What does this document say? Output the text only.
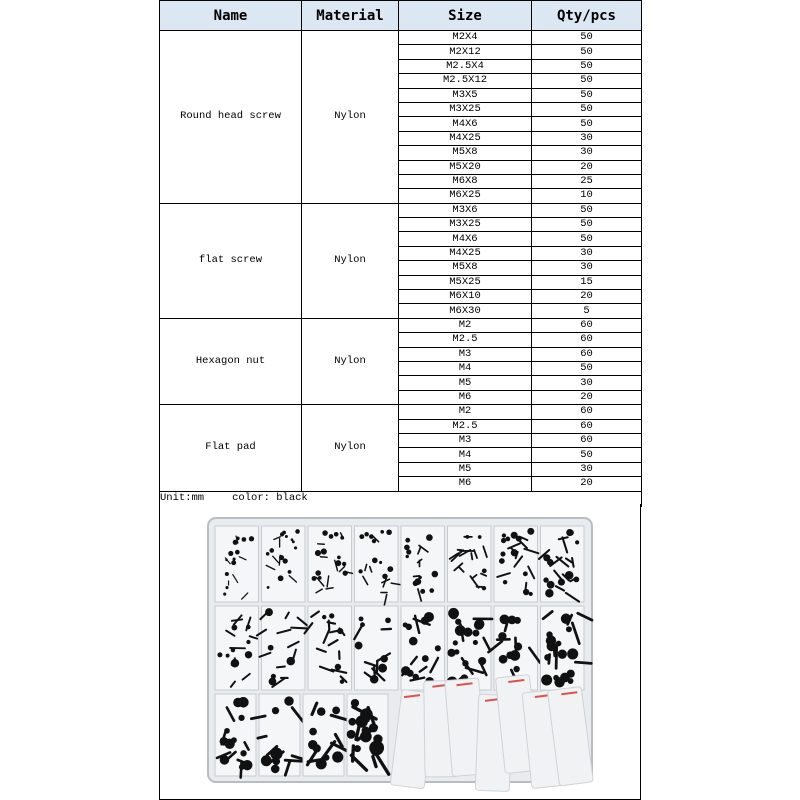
Name	Material	Size	Qty/pcs
Round head screw	Nylon	M2X4	50
		M2X12	50
		M2.5X4	50
		M2.5X12	50
		M3X5	50
		M3X25	50
		M4X6	50
		M4X25	30
		M5X8	30
		M5X20	20
		M6X8	25
		M6X25	10
flat screw	Nylon	M3X6	50
		M3X25	50
		M4X6	50
		M4X25	30
		M5X8	30
		M5X25	15
		M6X10	20
		M6X30	5
Hexagon nut	Nylon	M2	60
		M2.5	60
		M3	60
		M4	50
		M5	30
		M6	20
Flat pad	Nylon	M2	60
		M2.5	60
		M3	60
		M4	50
		M5	30
		M6	20
Unit:mm color: black			
